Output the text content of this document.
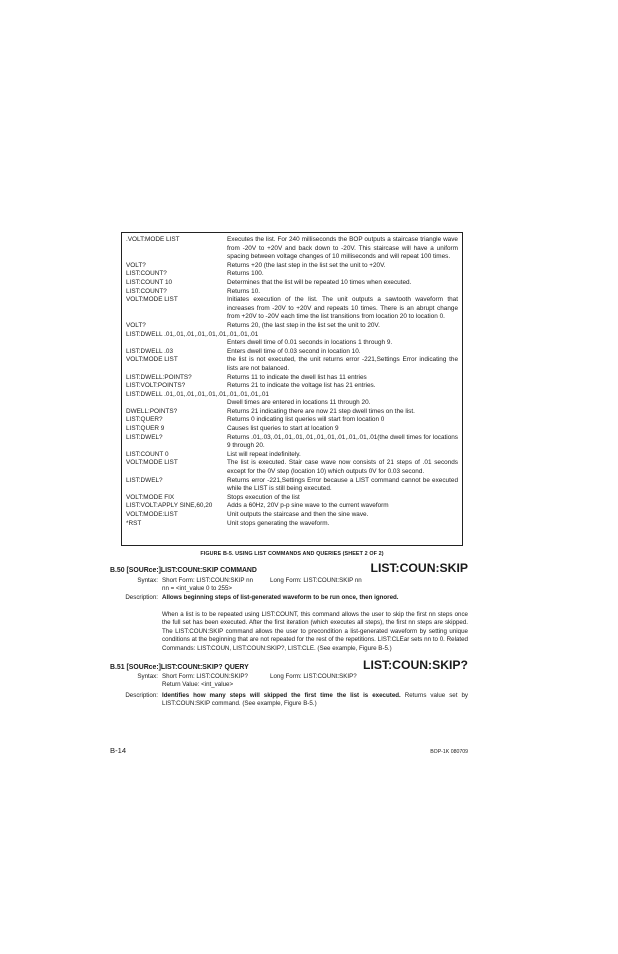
.VOLT:MODE LIST	Executes the list. For 240 milliseconds the BOP outputs a staircase triangle wave from -20V to +20V and back down to -20V. This staircase will have a uniform spacing between voltage changes of 10 milliseconds and will repeat 100 times.
VOLT?	Returns +20 (the last step in the list set the unit to +20V.
LIST:COUNT?	Returns 100.
LIST:COUNT 10	Determines that the list will be repeated 10 times when executed.
LIST:COUNT?	Returns 10.
VOLT:MODE LIST	Initiates execution of the list. The unit outputs a sawtooth waveform that increases from -20V to +20V and repeats 10 times. There is an abrupt change from +20V to -20V each time the list transitions from location 20 to location 0.
VOLT?	Returns 20, (the last step in the list set the unit to 20V.
LIST:DWELL .01,.01,.01,.01,.01,.01,.01,.01,.01
Enters dwell time of 0.01 seconds in locations 1 through 9.
LIST:DWELL .03	Enters dwell time of 0.03 second in location 10.
VOLT:MODE LIST	the list is not executed, the unit returns error -221,Settings Error indicating the lists are not balanced.
LIST:DWELL:POINTS?	Returns 11 to indicate the dwell list has 11 entries
LIST:VOLT:POINTS?	Returns 21 to indicate the voltage list has 21 entries.
LIST:DWELL .01,.01,.01,.01,.01,.01,.01,.01,.01,.01
Dwell times are entered in locations 11 through 20.
DWELL:POINTS?	Returns 21 indicating there are now 21 step dwell times on the list.
LIST:QUER?	Returns 0 indicating list queries will start from location 0
LIST:QUER 9	Causes list queries to start at location 9
LIST:DWEL?	Returns .01,.03,.01,.01,.01,.01,.01,.01,.01,.01,.01,.01(the dwell times for locations 9 through 20.
LIST:COUNT 0	List will repeat indefinitely.
VOLT:MODE LIST	The list is executed. Stair case wave now consists of 21 steps of .01 seconds except for the 0V step (location 10) which outputs 0V for 0.03 second.
LIST:DWEL?	Returns error -221,Settings Error because a LIST command cannot be executed while the LIST is still being executed.
VOLT:MODE FIX	Stops execution of the list
LIST:VOLT:APPLY SINE,60,20	Adds a 60Hz, 20V p-p sine wave to the current waveform
VOLT:MODE:LIST	Unit outputs the staircase and then the sine wave.
*RST	Unit stops generating the waveform.
FIGURE B-5. USING LIST COMMANDS AND QUERIES (SHEET 2 OF 2)
B.50 [SOURce:]LIST:COUNt:SKIP COMMAND	LIST:COUN:SKIP
Syntax: Short Form: LIST:COUN:SKIP nn	Long Form: LIST:COUNt:SKIP nn
nn = <int_value 0 to 255>
Description: Allows beginning steps of list-generated waveform to be run once, then ignored.
When a list is to be repeated using LIST:COUNT, this command allows the user to skip the first nn steps once the full set has been executed. After the first iteration (which executes all steps), the first nn steps are skipped. The LIST:COUN:SKIP command allows the user to precondition a list-generated waveform by setting unique conditions at the beginning that are not repeated for the rest of the repetitions. LIST:CLEar sets nn to 0. Related Commands: LIST:COUN, LIST:COUN:SKIP?, LIST:CLE. (See example, Figure B-5.)
B.51 [SOURce:]LIST:COUNt:SKIP? QUERY	LIST:COUN:SKIP?
Syntax: Short Form: LIST:COUN:SKIP?	Long Form: LIST:COUNt:SKIP?
Return Value: <int_value>
Description: Identifies how many steps will skipped the first time the list is executed. Returns value set by LIST:COUN:SKIP command. (See example, Figure B-5.)
B-14	BOP-1K 080709
